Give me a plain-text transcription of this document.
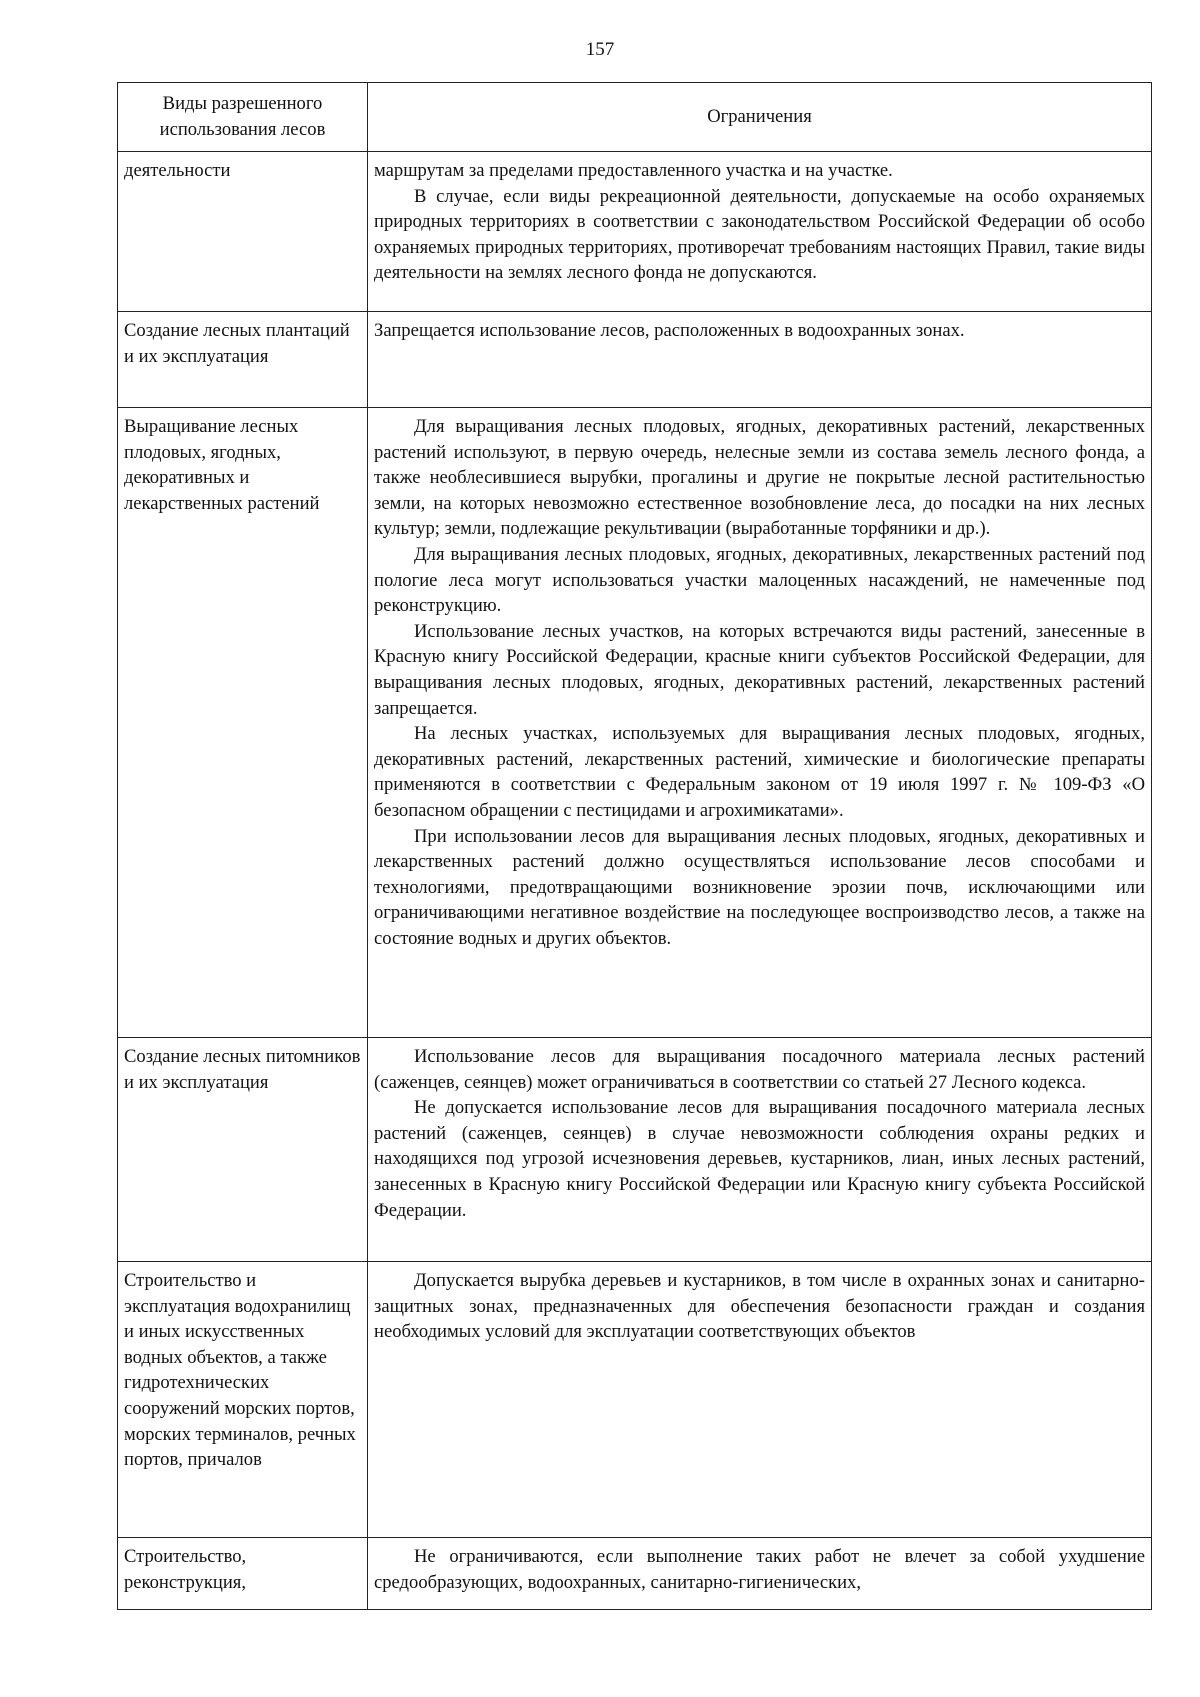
157
Виды разрешенного использования лесов	Ограничения
деятельности	маршрутам за пределами предоставленного участка и на участке.

В случае, если виды рекреационной деятельности, допускаемые на особо охраняемых природных территориях в соответствии с законодательством Российской Федерации об особо охраняемых природных территориях, противоречат требованиям настоящих Правил, такие виды деятельности на землях лесного фонда не допускаются.

Создание лесных плантаций и их эксплуатация	Запрещается использование лесов, расположенных в водоохранных зонах.

Выращивание лесных плодовых, ягодных, декоративных и лекарственных растений	Для выращивания лесных плодовых, ягодных, декоративных растений, лекарственных растений используют, в первую очередь, нелесные земли из состава земель лесного фонда, а также необлесившиеся вырубки, прогалины и другие не покрытые лесной растительностью земли, на которых невозможно естественное возобновление леса, до посадки на них лесных культур; земли, подлежащие рекультивации (выработанные торфяники и др.).

Для выращивания лесных плодовых, ягодных, декоративных, лекарственных растений под пологие леса могут использоваться участки малоценных насаждений, не намеченные под реконструкцию.

Использование лесных участков, на которых встречаются виды растений, занесенные в Красную книгу Российской Федерации, красные книги субъектов Российской Федерации, для выращивания лесных плодовых, ягодных, декоративных растений, лекарственных растений запрещается.

На лесных участках, используемых для выращивания лесных плодовых, ягодных, декоративных растений, лекарственных растений, химические и биологические препараты применяются в соответствии с Федеральным законом от 19 июля 1997 г. № 109-ФЗ «О безопасном обращении с пестицидами и агрохимикатами».

При использовании лесов для выращивания лесных плодовых, ягодных, декоративных и лекарственных растений должно осуществляться использование лесов способами и технологиями, предотвращающими возникновение эрозии почв, исключающими или ограничивающими негативное воздействие на последующее воспроизводство лесов, а также на состояние водных и других объектов.

Создание лесных питомников и их эксплуатация	Использование лесов для выращивания посадочного материала лесных растений (саженцев, сеянцев) может ограничиваться в соответствии со статьей 27 Лесного кодекса.

Не допускается использование лесов для выращивания посадочного материала лесных растений (саженцев, сеянцев) в случае невозможности соблюдения охраны редких и находящихся под угрозой исчезновения деревьев, кустарников, лиан, иных лесных растений, занесенных в Красную книгу Российской Федерации или Красную книгу субъекта Российской Федерации.

Строительство и эксплуатация водохранилищ и иных искусственных водных объектов, а также гидротехнических сооружений морских портов, морских терминалов, речных портов, причалов	Допускается вырубка деревьев и кустарников, в том числе в охранных зонах и санитарно-защитных зонах, предназначенных для обеспечения безопасности граждан и создания необходимых условий для эксплуатации соответствующих объектов

Строительство, реконструкция,	Не ограничиваются, если выполнение таких работ не влечет за собой ухудшение средообразующих, водоохранных, санитарно-гигиенических,
